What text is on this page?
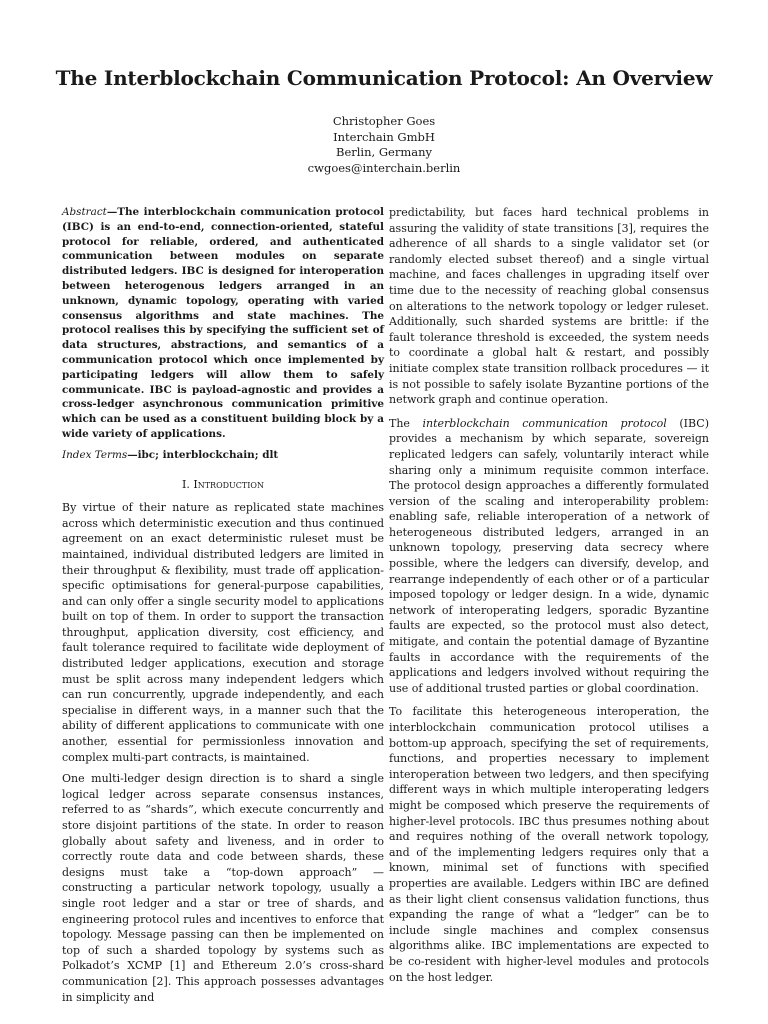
The Interblockchain Communication Protocol: An Overview
Christopher Goes
Interchain GmbH
Berlin, Germany
cwgoes@interchain.berlin

Abstract—The interblockchain communication protocol (IBC) is an end-to-end, connection-oriented, stateful protocol for reliable, ordered, and authenticated communication between modules on separate distributed ledgers. IBC is designed for interoperation between heterogenous ledgers arranged in an unknown, dynamic topology, operating with varied consensus algorithms and state machines. The protocol realises this by specifying the sufficient set of data structures, abstractions, and semantics of a communication protocol which once implemented by participating ledgers will allow them to safely communicate. IBC is payload-agnostic and provides a cross-ledger asynchronous communication primitive which can be used as a constituent building block by a wide variety of applications.

Index Terms—ibc; interblockchain; dlt

I. Introduction

By virtue of their nature as replicated state machines across which deterministic execution and thus continued agreement on an exact deterministic ruleset must be maintained, individual distributed ledgers are limited in their throughput & flexibility, must trade off application-specific optimisations for general-purpose capabilities, and can only offer a single security model to applications built on top of them. In order to support the transaction throughput, application diversity, cost efficiency, and fault tolerance required to facilitate wide deployment of distributed ledger applications, execution and storage must be split across many independent ledgers which can run concurrently, upgrade independently, and each specialise in different ways, in a manner such that the ability of different applications to communicate with one another, essential for permissionless innovation and complex multi-part contracts, is maintained.

One multi-ledger design direction is to shard a single logical ledger across separate consensus instances, referred to as “shards”, which execute concurrently and store disjoint partitions of the state. In order to reason globally about safety and liveness, and in order to correctly route data and code between shards, these designs must take a “top-down approach” — constructing a particular network topology, usually a single root ledger and a star or tree of shards, and engineering protocol rules and incentives to enforce that topology. Message passing can then be implemented on top of such a sharded topology by systems such as Polkadot’s XCMP [1] and Ethereum 2.0’s cross-shard communication [2]. This approach possesses advantages in simplicity and

predictability, but faces hard technical problems in assuring the validity of state transitions [3], requires the adherence of all shards to a single validator set (or randomly elected subset thereof) and a single virtual machine, and faces challenges in upgrading itself over time due to the necessity of reaching global consensus on alterations to the network topology or ledger ruleset. Additionally, such sharded systems are brittle: if the fault tolerance threshold is exceeded, the system needs to coordinate a global halt & restart, and possibly initiate complex state transition rollback procedures — it is not possible to safely isolate Byzantine portions of the network graph and continue operation.

The interblockchain communication protocol (IBC) provides a mechanism by which separate, sovereign replicated ledgers can safely, voluntarily interact while sharing only a minimum requisite common interface. The protocol design approaches a differently formulated version of the scaling and interoperability problem: enabling safe, reliable interoperation of a network of heterogeneous distributed ledgers, arranged in an unknown topology, preserving data secrecy where possible, where the ledgers can diversify, develop, and rearrange independently of each other or of a particular imposed topology or ledger design. In a wide, dynamic network of interoperating ledgers, sporadic Byzantine faults are expected, so the protocol must also detect, mitigate, and contain the potential damage of Byzantine faults in accordance with the requirements of the applications and ledgers involved without requiring the use of additional trusted parties or global coordination.

To facilitate this heterogeneous interoperation, the interblockchain communication protocol utilises a bottom-up approach, specifying the set of requirements, functions, and properties necessary to implement interoperation between two ledgers, and then specifying different ways in which multiple interoperating ledgers might be composed which preserve the requirements of higher-level protocols. IBC thus presumes nothing about and requires nothing of the overall network topology, and of the implementing ledgers requires only that a known, minimal set of functions with specified properties are available. Ledgers within IBC are defined as their light client consensus validation functions, thus expanding the range of what a “ledger” can be to include single machines and complex consensus algorithms alike. IBC implementations are expected to be co-resident with higher-level modules and protocols on the host ledger.
